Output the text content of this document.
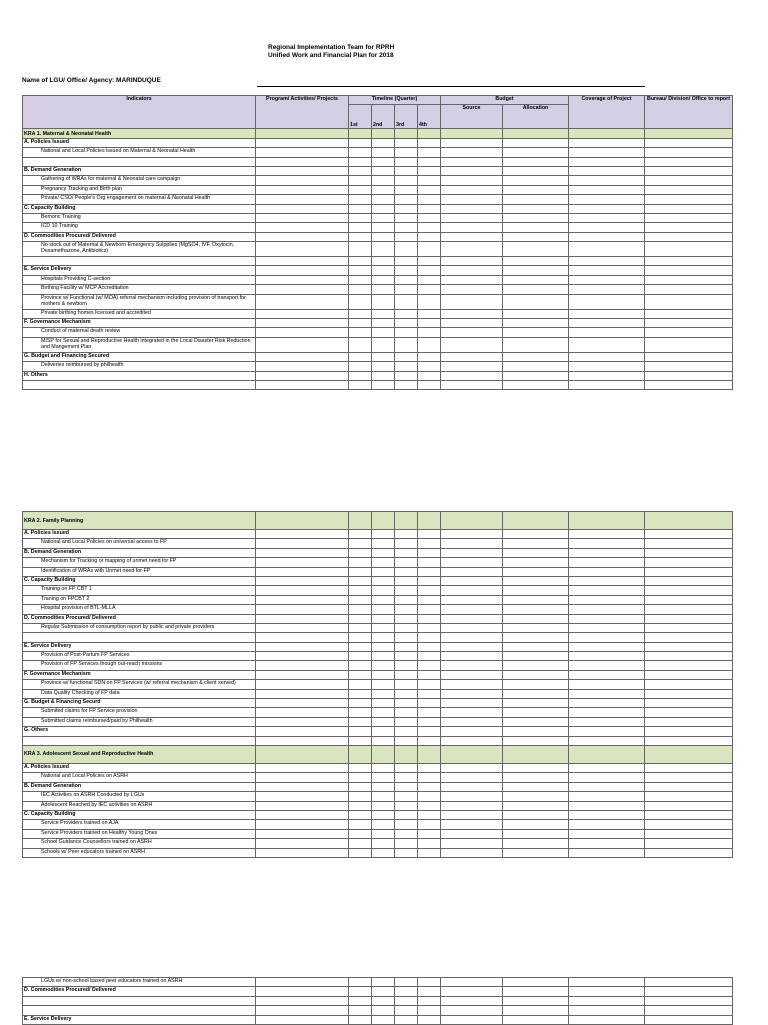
Regional Implementation Team for RPRH
Unified Work and Financial Plan for 2018
Name of LGU/ Office/ Agency: MARINDUQUE
Indicators	Program/ Activities/ Projects	Timeline (Quarter)				Budget		Coverage of Project	Bureau/ Division/ Office to report
		1st	2nd	3rd	4th	Source	Allocation		
KRA 1. Maternal & Neonatal Health									
A. Policies Issued									
National and Local Policies issued on Maternal & Neonatal Health									

B. Demand Generation									
Gathering of WRAs for maternal & Neonatal care campaign									
Pregnancy Tracking and Birth plan									
Private/ CSO/ People's Org engagement on maternal & Neonatal Health									
C. Capacity Building									
Bemonc Training									
ICD 10 Training									
D. Commodities Procured/ Delivered									
No stock out of Maternal & Newborn Emergency Sulpplies (MgSO4, IVF, Oxytocin, Dexamethazone, Antibiotics)									

E. Service Delivery									
Hospitals Providing C-section									
Birthing Facility w/ MCP Accreditation									
Province w/ Functional (w/ MOA) referral mechanism including provision of transport for mothers & newborn									
Private birthing homes licensed and accredited									
F. Governance Mechanism									
Conduct of maternal death review									
MISP for Sexual and Reproductive Health integrated in the Local Disaster Risk Reduction and Mangement Plan									
G. Budget and Financing Secured									
Deliveries reimbursed by philhealth									
H. Others									

KRA 2. Family Planning									
A. Policies Issued									
National and Local Policies on universal access to FP									
B. Demand Generation									
Mechanism for Tracking or mapping of unmet need for FP									
Identification of WRAs with Unmet need for FP									
C. Capacity Building									
Training on FP CBT 1									
Traning on FPCBT 2									
Hospital provision of BTL-MLLA									
D. Commodities Procured/ Delivered									
Regular Submission of consumption report by public and private providers									

E. Service Delivery									
Provision of Post-Partum FP Services									
Provision of FP Services though out-reach missions									
F. Governance Mechanism									
Province w/ functional SDN on FP Services (w/ referral mechanism & client served)									
Data Quality Checking of FP data									
G. Budget & Financing Securd									
Submited claims for FP Service provision									
Submitted claims reimbursed/paid by Philhealth									
G. Others									

KRA 3. Adolescent Sexual and Reproductive Health									
A. Policies Issued									
National and Local Policies on ASRH									
B. Demand Generation									
IEC Activities on ASRH Conducted by LGUs									
Adolescent Reached by IEC activities on ASRH									
C. Capacity Building									
Service Providers trained on AJA									
Service Providers trained on Healthy Young Ones									
School Guidance Counsellors trained on ASRH									
Schools w/ Peer educators trained on ASRH									
LGUs w/ non-school based peer educators trained on ASRH									
D. Commodities Procured/ Delivered									

E. Service Delivery									
